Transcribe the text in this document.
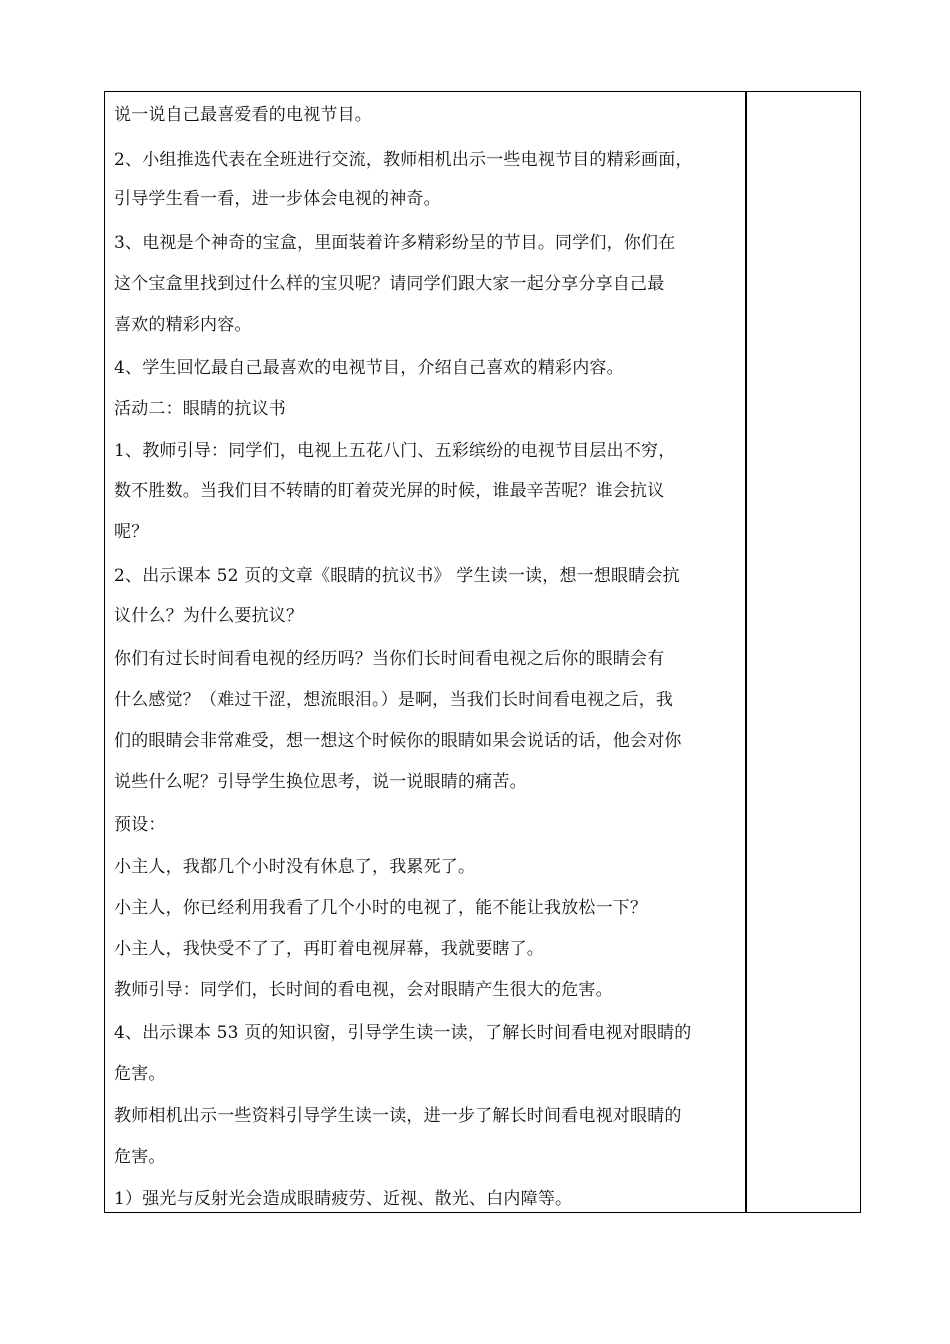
说一说自己最喜爱看的电视节目。
2、小组推选代表在全班进行交流，教师相机出示一些电视节目的精彩画面，
引导学生看一看，进一步体会电视的神奇。
3、电视是个神奇的宝盒，里面装着许多精彩纷呈的节目。同学们，你们在
这个宝盒里找到过什么样的宝贝呢？请同学们跟大家一起分享分享自己最
喜欢的精彩内容。
4、学生回忆最自己最喜欢的电视节目，介绍自己喜欢的精彩内容。
活动二：眼睛的抗议书
1、教师引导：同学们，电视上五花八门、五彩缤纷的电视节目层出不穷，
数不胜数。当我们目不转睛的盯着荧光屏的时候，谁最辛苦呢？谁会抗议
呢？
2、出示课本 52 页的文章《眼睛的抗议书》 学生读一读，想一想眼睛会抗
议什么？为什么要抗议？
你们有过长时间看电视的经历吗？当你们长时间看电视之后你的眼睛会有
什么感觉？（难过干涩，想流眼泪。）是啊，当我们长时间看电视之后，我
们的眼睛会非常难受，想一想这个时候你的眼睛如果会说话的话，他会对你
说些什么呢？引导学生换位思考，说一说眼睛的痛苦。
预设：
小主人，我都几个小时没有休息了，我累死了。
小主人，你已经利用我看了几个小时的电视了，能不能让我放松一下？
小主人，我快受不了了，再盯着电视屏幕，我就要瞎了。
教师引导：同学们，长时间的看电视，会对眼睛产生很大的危害。
4、出示课本 53 页的知识窗，引导学生读一读，了解长时间看电视对眼睛的
危害。
教师相机出示一些资料引导学生读一读，进一步了解长时间看电视对眼睛的
危害。
1）强光与反射光会造成眼睛疲劳、近视、散光、白内障等。
